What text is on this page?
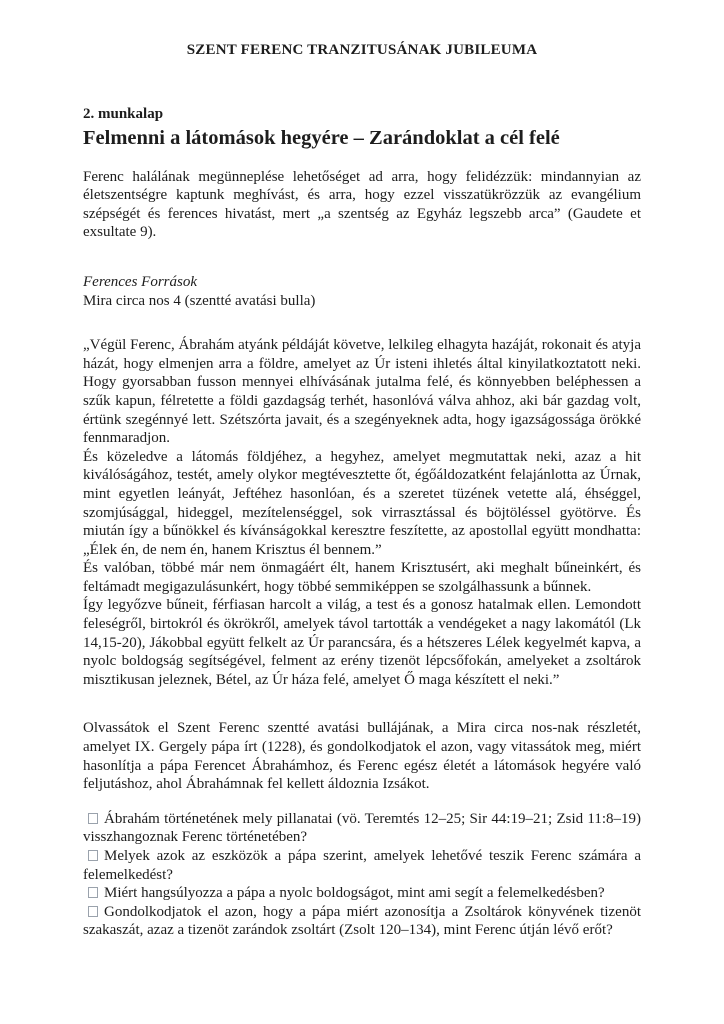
SZENT FERENC TRANZITUSÁNAK JUBILEUMA
2. munkalap
Felmenni a látomások hegyére – Zarándoklat a cél felé

Ferenc halálának megünneplése lehetőséget ad arra, hogy felidézzük: mindannyian az életszentségre kaptunk meghívást, és arra, hogy ezzel visszatükrözzük az evangélium szépségét és ferences hivatást, mert „a szentség az Egyház legszebb arca” (Gaudete et exsultate 9).

Ferences Források
Mira circa nos 4 (szentté avatási bulla)

„Végül Ferenc, Ábrahám atyánk példáját követve, lelkileg elhagyta hazáját, rokonait és atyja házát, hogy elmenjen arra a földre, amelyet az Úr isteni ihletés által kinyilatkoztatott neki. Hogy gyorsabban fusson mennyei elhívásának jutalma felé, és könnyebben beléphessen a szűk kapun, félretette a földi gazdagság terhét, hasonlóvá válva ahhoz, aki bár gazdag volt, értünk szegénnyé lett. Szétszórta javait, és a szegényeknek adta, hogy igazságossága örökké fennmaradjon.

És közeledve a látomás földjéhez, a hegyhez, amelyet megmutattak neki, azaz a hit kiválóságához, testét, amely olykor megtévesztette őt, égőáldozatként felajánlotta az Úrnak, mint egyetlen leányát, Jeftéhez hasonlóan, és a szeretet tüzének vetette alá, éhséggel, szomjúsággal, hideggel, mezítelenséggel, sok virrasztással és böjtöléssel gyötörve. És miután így a bűnökkel és kívánságokkal keresztre feszítette, az apostollal együtt mondhatta: „Élek én, de nem én, hanem Krisztus él bennem.”

És valóban, többé már nem önmagáért élt, hanem Krisztusért, aki meghalt bűneinkért, és feltámadt megigazulásunkért, hogy többé semmiképpen se szolgálhassunk a bűnnek.

Így legyőzve bűneit, férfiasan harcolt a világ, a test és a gonosz hatalmak ellen. Lemondott feleségről, birtokról és ökrökről, amelyek távol tartották a vendégeket a nagy lakomától (Lk 14,15-20), Jákobbal együtt felkelt az Úr parancsára, és a hétszeres Lélek kegyelmét kapva, a nyolc boldogság segítségével, felment az erény tizenöt lépcsőfokán, amelyeket a zsoltárok misztikusan jeleznek, Bétel, az Úr háza felé, amelyet Ő maga készített el neki.”

Olvassátok el Szent Ferenc szentté avatási bullájának, a Mira circa nos-nak részletét, amelyet IX. Gergely pápa írt (1228), és gondolkodjatok el azon, vagy vitassátok meg, miért hasonlítja a pápa Ferencet Ábrahámhoz, és Ferenc egész életét a látomások hegyére való feljutáshoz, ahol Ábrahámnak fel kellett áldoznia Izsákot.

Ábrahám történetének mely pillanatai (vö. Teremtés 12–25; Sir 44:19–21; Zsid 11:8–19) visszhangoznak Ferenc történetében?

Melyek azok az eszközök a pápa szerint, amelyek lehetővé teszik Ferenc számára a felemelkedést?

Miért hangsúlyozza a pápa a nyolc boldogságot, mint ami segít a felemelkedésben?

Gondolkodjatok el azon, hogy a pápa miért azonosítja a Zsoltárok könyvének tizenöt szakaszát, azaz a tizenöt zarándok zsoltárt (Zsolt 120–134), mint Ferenc útján lévő erőt?
